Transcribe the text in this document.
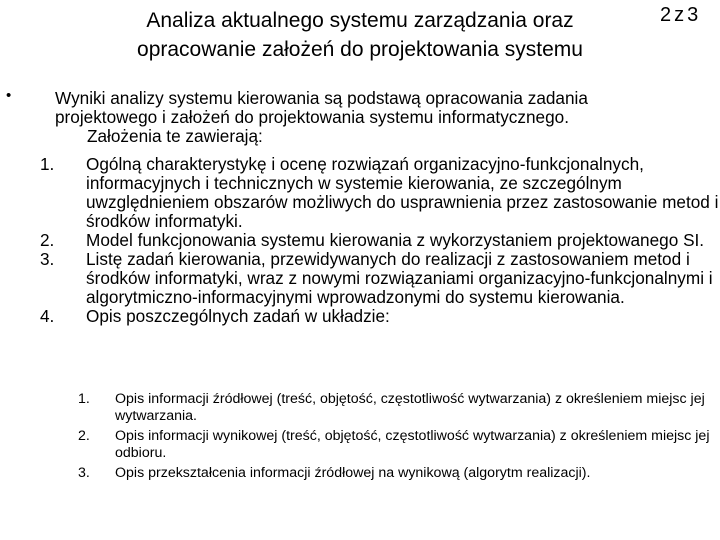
Analiza aktualnego systemu zarządzania oraz
opracowanie założeń do projektowania systemu
2z3
•	Wyniki analizy systemu kierowania są podstawą opracowania zadania
projektowego i założeń do projektowania systemu informatycznego.

Założenia te zawierają:
1.	Ogólną charakterystykę i ocenę rozwiązań organizacyjno-funkcjonalnych, informacyjnych i technicznych w systemie kierowania, ze szczególnym uwzględnieniem obszarów możliwych do usprawnienia przez zastosowanie metod i środków informatyki.
2.	Model funkcjonowania systemu kierowania z wykorzystaniem projektowanego SI.
3.	Listę zadań kierowania, przewidywanych do realizacji z zastosowaniem metod i środków informatyki, wraz z nowymi rozwiązaniami organizacyjno-funkcjonalnymi i algorytmiczno-informacyjnymi wprowadzonymi do systemu kierowania.
4.	Opis poszczególnych zadań w układzie:
1.	Opis informacji źródłowej (treść, objętość, częstotliwość wytwarzania) z określeniem miejsc jej wytwarzania.
2.	Opis informacji wynikowej (treść, objętość, częstotliwość wytwarzania) z określeniem miejsc jej odbioru.
3.	Opis przekształcenia informacji źródłowej na wynikową (algorytm realizacji).
